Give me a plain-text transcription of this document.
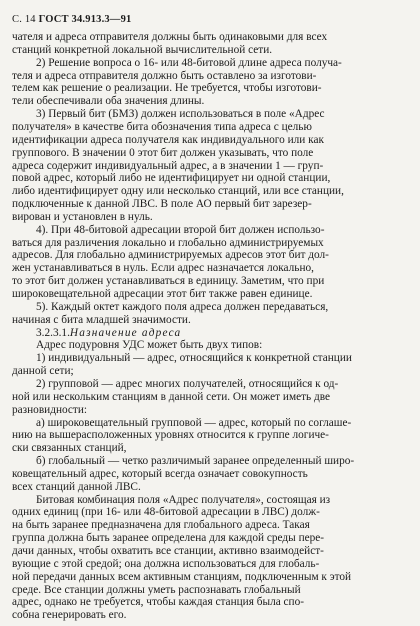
С. 14 ГОСТ 34.913.3—91
чателя и адреса отправителя должны быть одинаковыми для всех
станций конкретной локальной вычислительной сети.
2) Решение вопроса о 16- или 48-битовой длине адреса получа-
теля и адреса отправителя должно быть оставлено за изготови-
телем как решение о реализации. Не требуется, чтобы изготови-
тели обеспечивали оба значения длины.
3) Первый бит (БМЗ) должен использоваться в поле «Адрес
получателя» в качестве бита обозначения типа адреса с целью
идентификации адреса получателя как индивидуального или как
группового. В значении 0 этот бит должен указывать, что поле
адреса содержит индивидуальный адрес, а в значении 1 — груп-
повой адрес, который либо не идентифицирует ни одной станции,
либо идентифицирует одну или несколько станций, или все станции,
подключенные к данной ЛВС. В поле АО первый бит зарезер-
вирован и установлен в нуль.
4). При 48-битовой адресации второй бит должен использо-
ваться для различения локально и глобально администрируемых
адресов. Для глобально администрируемых адресов этот бит дол-
жен устанавливаться в нуль. Если адрес назначается локально,
то этот бит должен устанавливаться в единицу. Заметим, что при
широковещательной адресации этот бит также равен единице.
5). Каждый октет каждого поля адреса должен передаваться,
начиная с бита младшей значимости.
3.2.3.1.Назначение адреса
Адрес подуровня УДС может быть двух типов:
1) индивидуальный — адрес, относящийся к конкретной станции
данной сети;
2) групповой — адрес многих получателей, относящийся к од-
ной или нескольким станциям в данной сети. Он может иметь две
разновидности:
а) широковещательный групповой — адрес, который по соглаше-
нию на вышерасположенных уровнях относится к группе логиче-
ски связанных станций,
б) глобальный — четко различимый заранее определенный широ-
ковещательный адрес, который всегда означает совокупность
всех станций данной ЛВС.
Битовая комбинация поля «Адрес получателя», состоящая из
одних единиц (при 16- или 48-битовой адресации в ЛВС) долж-
на быть заранее предназначена для глобального адреса. Такая
группа должна быть заранее определена для каждой среды пере-
дачи данных, чтобы охватить все станции, активно взаимодейст-
вующие с этой средой; она должна использоваться для глобаль-
ной передачи данных всем активным станциям, подключенным к этой
среде. Все станции должны уметь распознавать глобальный
адрес, однако не требуется, чтобы каждая станция была спо-
собна генерировать его.
